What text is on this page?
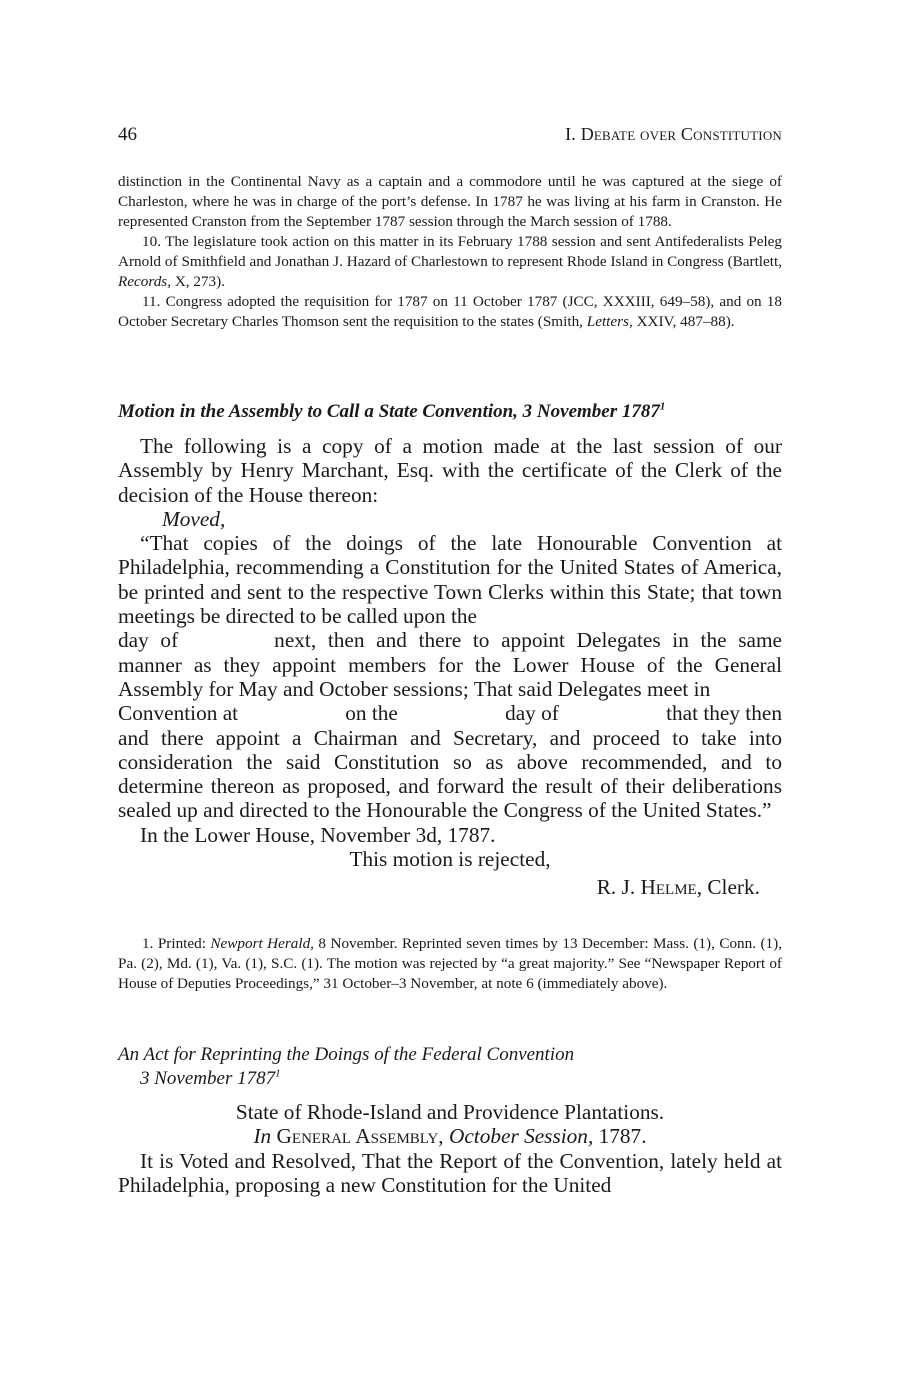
46	I. Debate over Constitution

distinction in the Continental Navy as a captain and a commodore until he was captured at the siege of Charleston, where he was in charge of the port’s defense. In 1787 he was living at his farm in Cranston. He represented Cranston from the September 1787 session through the March session of 1788.

10. The legislature took action on this matter in its February 1788 session and sent Antifederalists Peleg Arnold of Smithfield and Jonathan J. Hazard of Charlestown to represent Rhode Island in Congress (Bartlett, Records, X, 273).

11. Congress adopted the requisition for 1787 on 11 October 1787 (JCC, XXXIII, 649–58), and on 18 October Secretary Charles Thomson sent the requisition to the states (Smith, Letters, XXIV, 487–88).

Motion in the Assembly to Call a State Convention, 3 November 1787$^1$

The following is a copy of a motion made at the last session of our Assembly by Henry Marchant, Esq. with the certificate of the Clerk of the decision of the House thereon:

Moved,

“That copies of the doings of the late Honourable Convention at Philadelphia, recommending a Constitution for the United States of America, be printed and sent to the respective Town Clerks within this State; that town meetings be directed to be called upon the

day of	next, then and there to appoint Delegates in the same manner as they appoint members for the Lower House of the General Assembly for May and October sessions; That said Delegates meet in

Convention at	on the	day of	that they then

and there appoint a Chairman and Secretary, and proceed to take into consideration the said Constitution so as above recommended, and to determine thereon as proposed, and forward the result of their deliberations sealed up and directed to the Honourable the Congress of the United States.”

In the Lower House, November 3d, 1787.

This motion is rejected,

R. J. Helme, Clerk.

1. Printed: Newport Herald, 8 November. Reprinted seven times by 13 December: Mass. (1), Conn. (1), Pa. (2), Md. (1), Va. (1), S.C. (1). The motion was rejected by “a great majority.” See “Newspaper Report of House of Deputies Proceedings,” 31 October–3 November, at note 6 (immediately above).

An Act for Reprinting the Doings of the Federal Convention

3 November 1787$^1$

State of Rhode-Island and Providence Plantations.

In General Assembly, October Session, 1787.

It is Voted and Resolved, That the Report of the Convention, lately held at Philadelphia, proposing a new Constitution for the United
